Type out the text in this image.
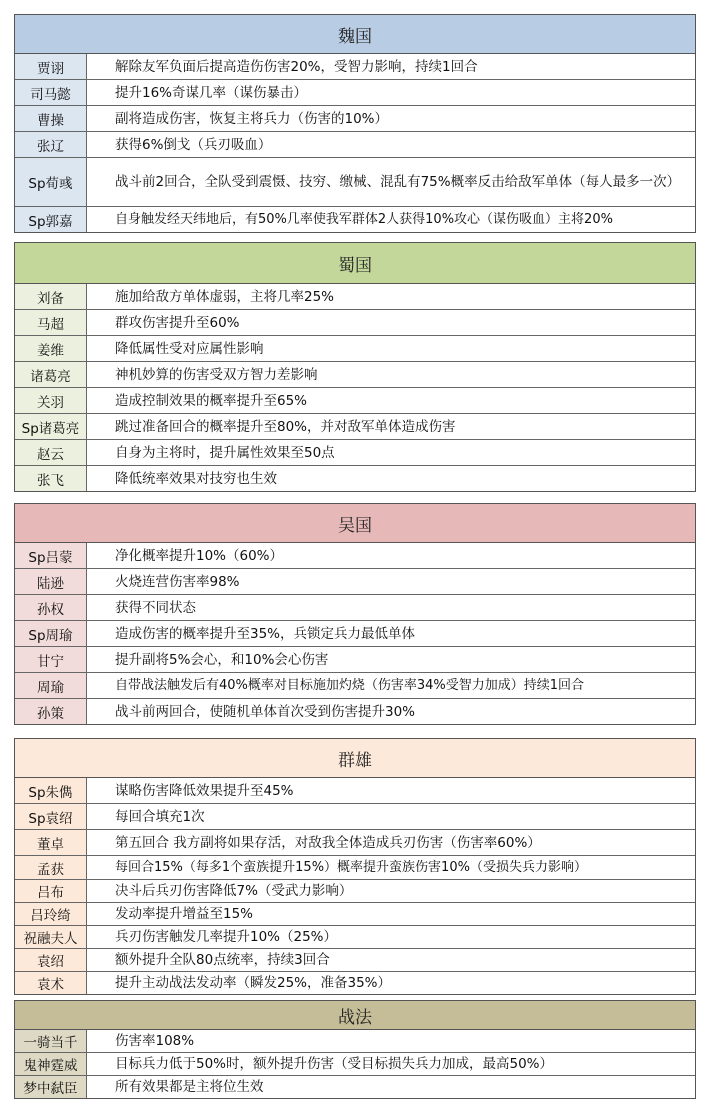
魏国
贾诩	解除友军负面后提高造伤伤害20%，受智力影响，持续1回合
司马懿	提升16%奇谋几率（谋伤暴击）
曹操	副将造成伤害，恢复主将兵力（伤害的10%）
张辽	获得6%倒戈（兵刃吸血）
Sp荀彧	战斗前2回合，全队受到震慑、技穷、缴械、混乱有75%概率反击给敌军单体（每人最多一次）
Sp郭嘉	自身触发经天纬地后，有50%几率使我军群体2人获得10%攻心（谋伤吸血）主将20%
蜀国
刘备	施加给敌方单体虚弱，主将几率25%
马超	群攻伤害提升至60%
姜维	降低属性受对应属性影响
诸葛亮	神机妙算的伤害受双方智力差影响
关羽	造成控制效果的概率提升至65%
Sp诸葛亮	跳过准备回合的概率提升至80%，并对敌军单体造成伤害
赵云	自身为主将时，提升属性效果至50点
张飞	降低统率效果对技穷也生效
吴国
Sp吕蒙	净化概率提升10%（60%）
陆逊	火烧连营伤害率98%
孙权	获得不同状态
Sp周瑜	造成伤害的概率提升至35%，兵锁定兵力最低单体
甘宁	提升副将5%会心，和10%会心伤害
周瑜	自带战法触发后有40%概率对目标施加灼烧（伤害率34%受智力加成）持续1回合
孙策	战斗前两回合，使随机单体首次受到伤害提升30%
群雄
Sp朱儁	谋略伤害降低效果提升至45%
Sp袁绍	每回合填充1次
董卓	第五回合 我方副将如果存活，对敌我全体造成兵刃伤害（伤害率60%）
孟获	每回合15%（每多1个蛮族提升15%）概率提升蛮族伤害10%（受损失兵力影响）
吕布	决斗后兵刃伤害降低7%（受武力影响）
吕玲绮	发动率提升增益至15%
祝融夫人	兵刃伤害触发几率提升10%（25%）
袁绍	额外提升全队80点统率，持续3回合
袁术	提升主动战法发动率（瞬发25%，准备35%）
战法
一骑当千	伤害率108%
鬼神霆威	目标兵力低于50%时，额外提升伤害（受目标损失兵力加成，最高50%）
梦中弑臣	所有效果都是主将位生效
